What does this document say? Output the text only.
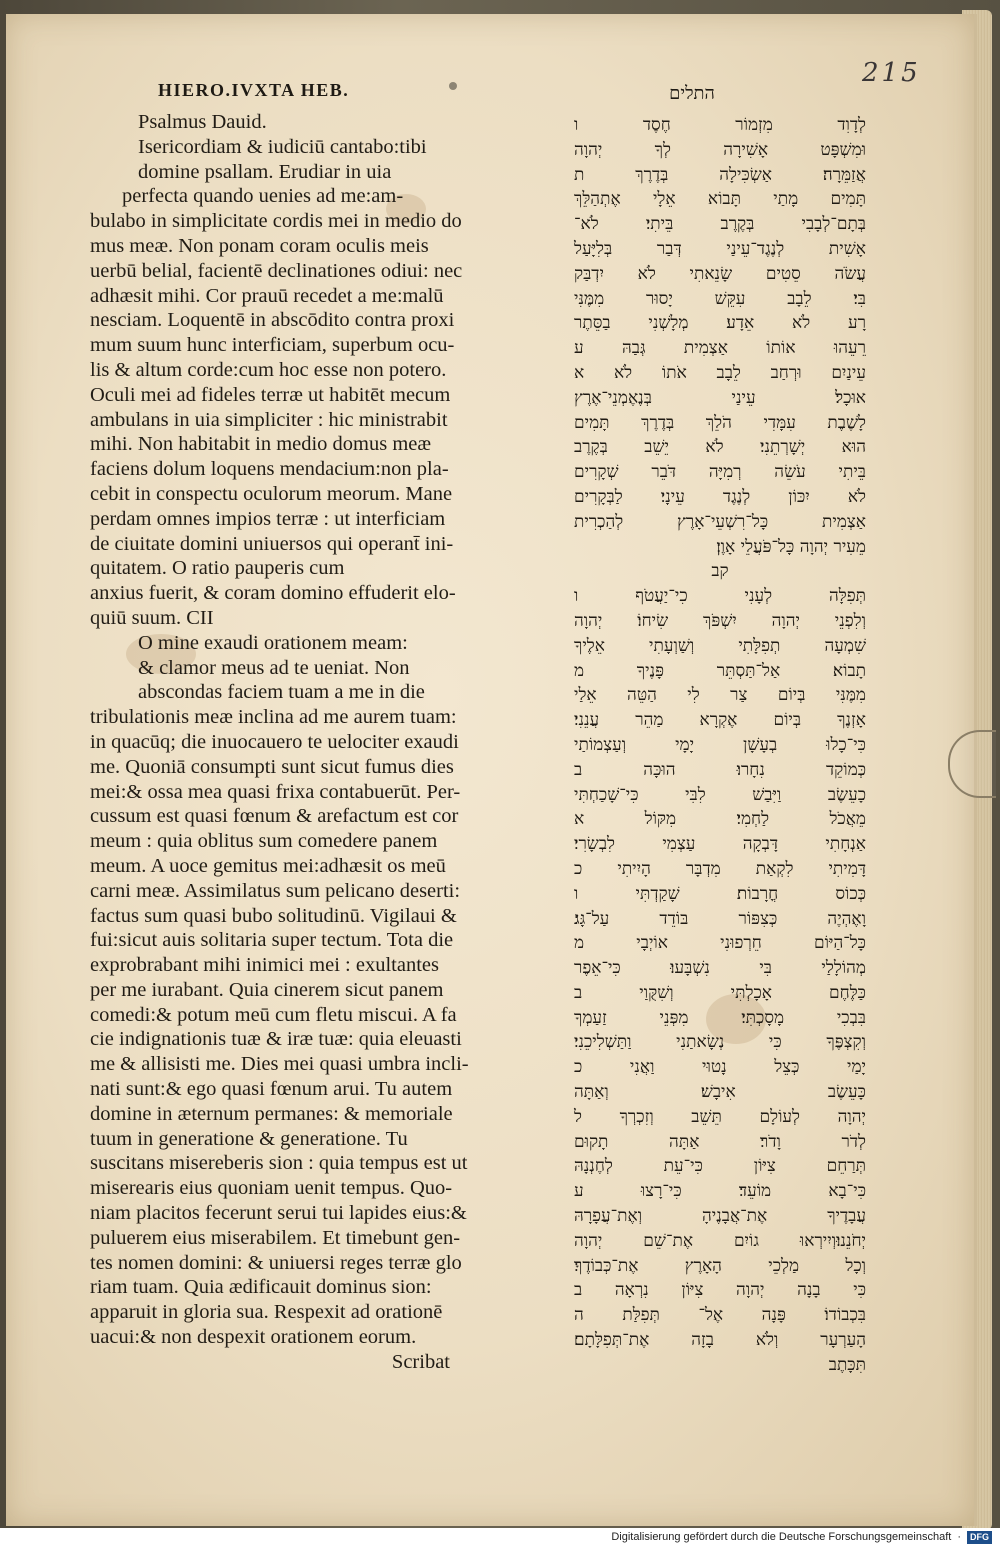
HIERO.IVXTA HEB.
215
התלים
Psalmus Dauid.
Isericordiam & iudiciū cantabo:tibi
domine psallam. Erudiar in uia
perfecta quando uenies ad me:am-
bulabo in simplicitate cordis mei in medio do
mus meæ. Non ponam coram oculis meis
uerbū belial, facientē declinationes odiui: nec
adhæsit mihi. Cor prauū recedet a me:malū
nesciam. Loquentē in abscōdito contra proxi
mum suum hunc interficiam, superbum ocu-
lis & altum corde:cum hoc esse non potero.
Oculi mei ad fideles terræ ut habitēt mecum
ambulans in uia simpliciter : hic ministrabit
mihi. Non habitabit in medio domus meæ
faciens dolum loquens mendacium:non pla-
cebit in conspectu oculorum meorum. Mane
perdam omnes impios terræ : ut interficiam
de ciuitate domini uniuersos qui operant̄ ini-
quitatem. O ratio pauperis cum
anxius fuerit, & coram domino effuderit elo-
quiū suum. CII
O mine exaudi orationem meam:
& clamor meus ad te ueniat. Non
abscondas faciem tuam a me in die
tribulationis meæ inclina ad me aurem tuam:
in quacūq; die inuocauero te uelociter exaudi
me. Quoniā consumpti sunt sicut fumus dies
mei:& ossa mea quasi frixa contabuerūt. Per-
cussum est quasi fœnum & arefactum est cor
meum : quia oblitus sum comedere panem
meum. A uoce gemitus mei:adhæsit os meū
carni meæ. Assimilatus sum pelicano deserti:
factus sum quasi bubo solitudinū. Vigilaui &
fui:sicut auis solitaria super tectum. Tota die
exprobrabant mihi inimici mei : exultantes
per me iurabant. Quia cinerem sicut panem
comedi:& potum meū cum fletu miscui. A fa
cie indignationis tuæ & iræ tuæ: quia eleuasti
me & allisisti me. Dies mei quasi umbra incli-
nati sunt:& ego quasi fœnum arui. Tu autem
domine in æternum permanes: & memoriale
tuum in generatione & generatione. Tu
suscitans misereberis sion : quia tempus est ut
miserearis eius quoniam uenit tempus. Quo-
niam placitos fecerunt serui tui lapides eius:&
puluerem eius miserabilem. Et timebunt gen-
tes nomen domini: & uniuersi reges terræ glo
riam tuam. Quia ædificauit dominus sion:
apparuit in gloria sua. Respexit ad orationē
uacui:& non despexit orationem eorum.
Scribat
לְדָוִד מִזְמוֹר חֶסֶד ו
וּמִשְׁפָּט אָשִׁירָה לְךָ יְהוָה
אֲזַמֵּרָה׃ אַשְׂכִּילָה בְּדֶרֶךְ ת
תָּמִים מָתַי תָּבוֹא אֵלָי אֶתְהַלֵּךְ
בְּתָם־לְבָבִי בְּקֶרֶב בֵּיתִי׃ לֹא־
אָשִׁית לְנֶגֶד־עֵינַי דְּבַר בְּלִיָּעַל
עֲשֹׂה סֵטִים שָׂנֵאתִי לֹא יִדְבַּק
בִּי׃ לֵבָב עִקֵּשׁ יָסוּר מִמֶּנִּי
רָע לֹא אֵדָע׃ מְלָשְׁנִי בַסֵּתֶר
רֵעֵהוּ אוֹתוֹ אַצְמִית גְּבַהּ ע
עֵינַיִם וּרְחַב לֵבָב אֹתוֹ לֹא א
אוּכָל׃ עֵינַי בְּנֶאֶמְנֵי־אֶרֶץ
לָשֶׁבֶת עִמָּדִי הֹלֵךְ בְּדֶרֶךְ תָּמִים
הוּא יְשָׁרְתֵנִי׃ לֹא יֵשֵׁב בְּקֶרֶב
בֵּיתִי עֹשֵׂה רְמִיָּה דֹּבֵר שְׁקָרִים
לֹא יִכּוֹן לְנֶגֶד עֵינָי׃ לַבְּקָרִים
אַצְמִית כָּל־רִשְׁעֵי־אָרֶץ לְהַכְרִית
מֵעִיר יְהוָה כָּל־פֹּעֲלֵי אָוֶן׃
קב
תְּפִלָּה לְעָנִי כִי־יַעֲטֹף ו
וְלִפְנֵי יְהוָה יִשְׁפֹּךְ שִׂיחוֹ׃ יְהוָה
שִׁמְעָה תְפִלָּתִי וְשַׁוְעָתִי אֵלֶיךָ
תָבוֹא׃ אַל־תַּסְתֵּר פָּנֶיךָ מ
מִמֶּנִּי בְּיוֹם צַר לִי הַטֵּה אֵלַי
אָזְנֶךָ בְּיוֹם אֶקְרָא מַהֵר עֲנֵנִי׃
כִּי־כָלוּ בְעָשָׁן יָמָי וְעַצְמוֹתַי
כְּמוֹקֵד נִחָרוּ׃ הוּכָּה ב
כָעֵשֶׂב וַיִּבַשׁ לִבִּי כִּי־שָׁכַחְתִּי
מֵאֲכֹל לַחְמִי׃ מִקּוֹל א
אַנְחָתִי דָּבְקָה עַצְמִי לִבְשָׂרִי׃
דָּמִיתִי לִקְאַת מִדְבָּר הָיִיתִי כ
כְּכוֹס חֳרָבוֹת׃ שָׁקַדְתִּי ו
וָאֶהְיֶה כְּצִפּוֹר בּוֹדֵד עַל־גָּג׃
כָּל־הַיּוֹם חֵרְפוּנִי אוֹיְבָי מ
מְהוֹלָלַי בִּי נִשְׁבָּעוּ׃ כִּי־אֵפֶר
כַּלֶּחֶם אָכָלְתִּי וְשִׁקֻּוַי ב
בִּבְכִי מָסָכְתִּי׃ מִפְּנֵי זַעַמְךָ
וְקִצְפֶּךָ כִּי נְשָׂאתַנִי וַתַּשְׁלִיכֵנִי׃
יָמַי כְּצֵל נָטוּי וַאֲנִי כ
כָּעֵשֶׂב אִיבָשׁ׃ וְאַתָּה
יְהוָה לְעוֹלָם תֵּשֵׁב וְזִכְרְךָ ל
לְדֹר וָדֹר׃ אַתָּה תָקוּם
תְּרַחֵם צִיּוֹן כִּי־עֵת לְחֶנְנָהּ
כִּי־בָא מוֹעֵד׃ כִּי־רָצוּ ע
עֲבָדֶיךָ אֶת־אֲבָנֶיהָ וְאֶת־עֲפָרָהּ
יְחֹנֵנוּ׃וְיִירְאוּ גוֹיִם אֶת־שֵׁם יְהוָה
וְכָל מַלְכֵי הָאָרֶץ אֶת־כְּבוֹדֶךָ׃
כִּי בָנָה יְהוָה צִיּוֹן נִרְאָה ב
בִּכְבוֹדוֹ׃ פָּנָה אֶל־ תְּפִלַּת ה
הָעַרְעָר וְלֹא בָזָה אֶת־תְּפִלָּתָם׃
תִּכָּתֶב
Digitalisierung gefördert durch die Deutsche Forschungsgemeinschaft · DFG
